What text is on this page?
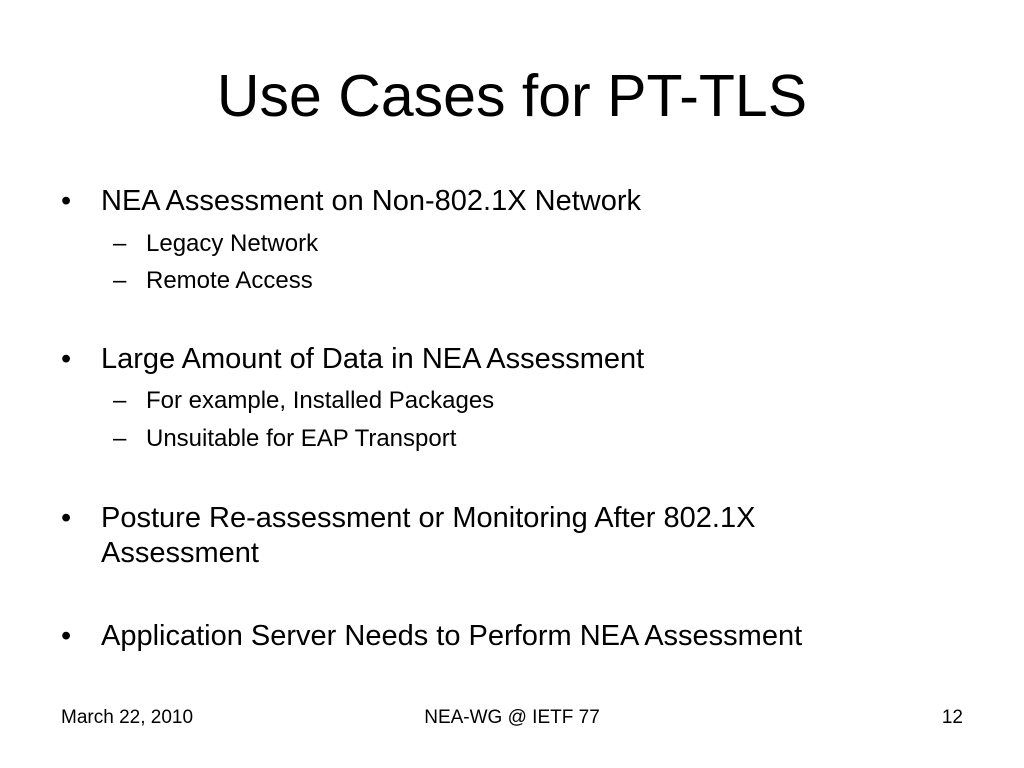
Use Cases for PT-TLS
• NEA Assessment on Non-802.1X Network
– Legacy Network
– Remote Access
• Large Amount of Data in NEA Assessment
– For example, Installed Packages
– Unsuitable for EAP Transport
• Posture Re-assessment or Monitoring After 802.1X Assessment
• Application Server Needs to Perform NEA Assessment
March 22, 2010	NEA-WG @ IETF 77	12
